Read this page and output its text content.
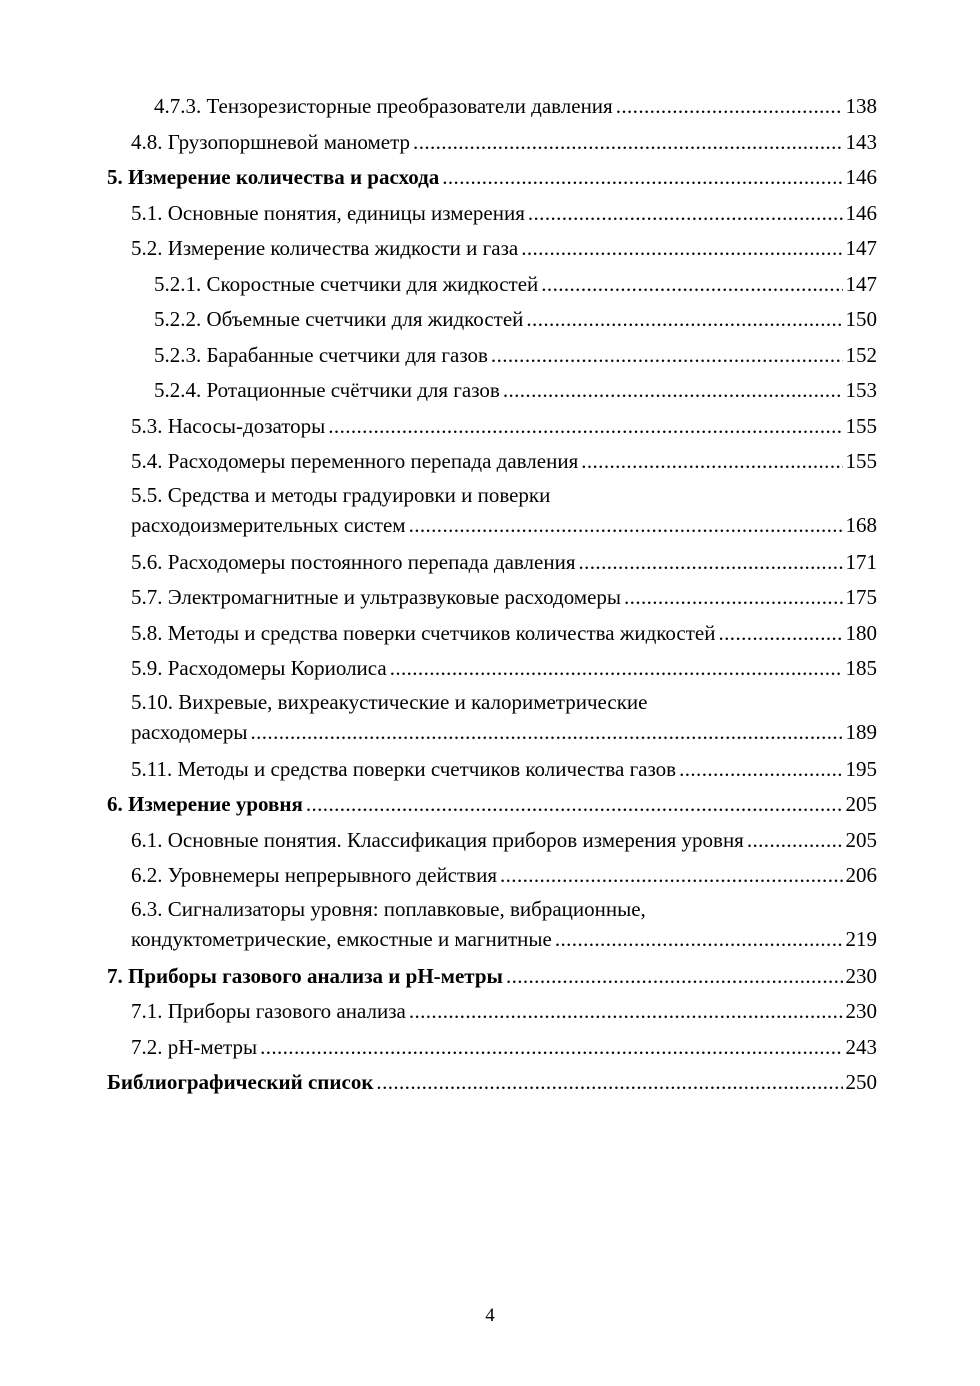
4.7.3. Тензорезисторные преобразователи давления .....	138
4.8. Грузопоршневой манометр .....	143
5. Измерение количества и расхода .....	146
5.1. Основные понятия, единицы измерения .....	146
5.2. Измерение количества жидкости и газа .....	147
5.2.1. Скоростные счетчики для жидкостей .....	147
5.2.2. Объемные счетчики для жидкостей .....	150
5.2.3. Барабанные счетчики для газов .....	152
5.2.4. Ротационные счётчики для газов .....	153
5.3. Насосы-дозаторы .....	155
5.4. Расходомеры переменного перепада давления .....	155
5.5. Средства и методы градуировки и поверки
расходоизмерительных систем .....	168
5.6. Расходомеры постоянного перепада давления .....	171
5.7. Электромагнитные и ультразвуковые расходомеры .....	175
5.8. Методы и средства поверки счетчиков количества жидкостей .....	180
5.9. Расходомеры Кориолиса .....	185
5.10. Вихревые, вихреакустические и калориметрические
расходомеры .....	189
5.11. Методы и средства поверки счетчиков количества газов .....	195
6. Измерение уровня .....	205
6.1. Основные понятия. Классификация приборов измерения уровня .....	205
6.2. Уровнемеры непрерывного действия .....	206
6.3. Сигнализаторы уровня: поплавковые, вибрационные,
кондуктометрические, емкостные и магнитные .....	219
7. Приборы газового анализа и pH-метры .....	230
7.1. Приборы газового анализа .....	230
7.2. pH-метры .....	243
Библиографический список .....	250
4
